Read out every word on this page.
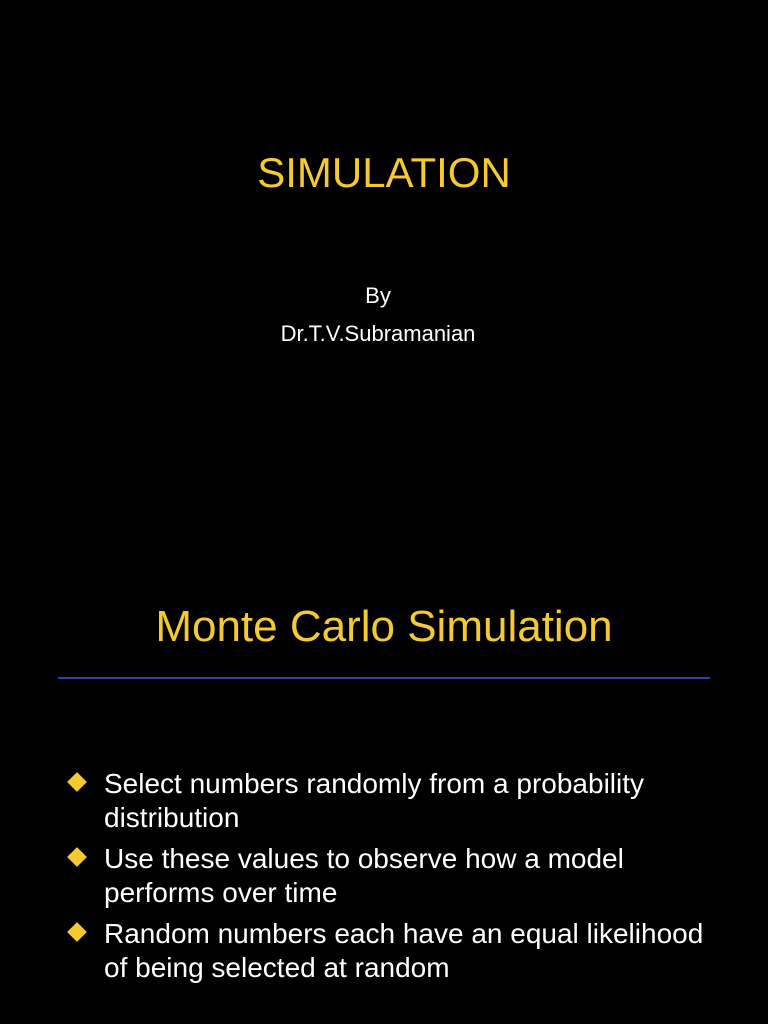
SIMULATION
By
Dr.T.V.Subramanian
Monte Carlo Simulation
Select numbers randomly from a probability distribution
Use these values to observe how a model performs over time
Random numbers each have an equal likelihood of being selected at random
